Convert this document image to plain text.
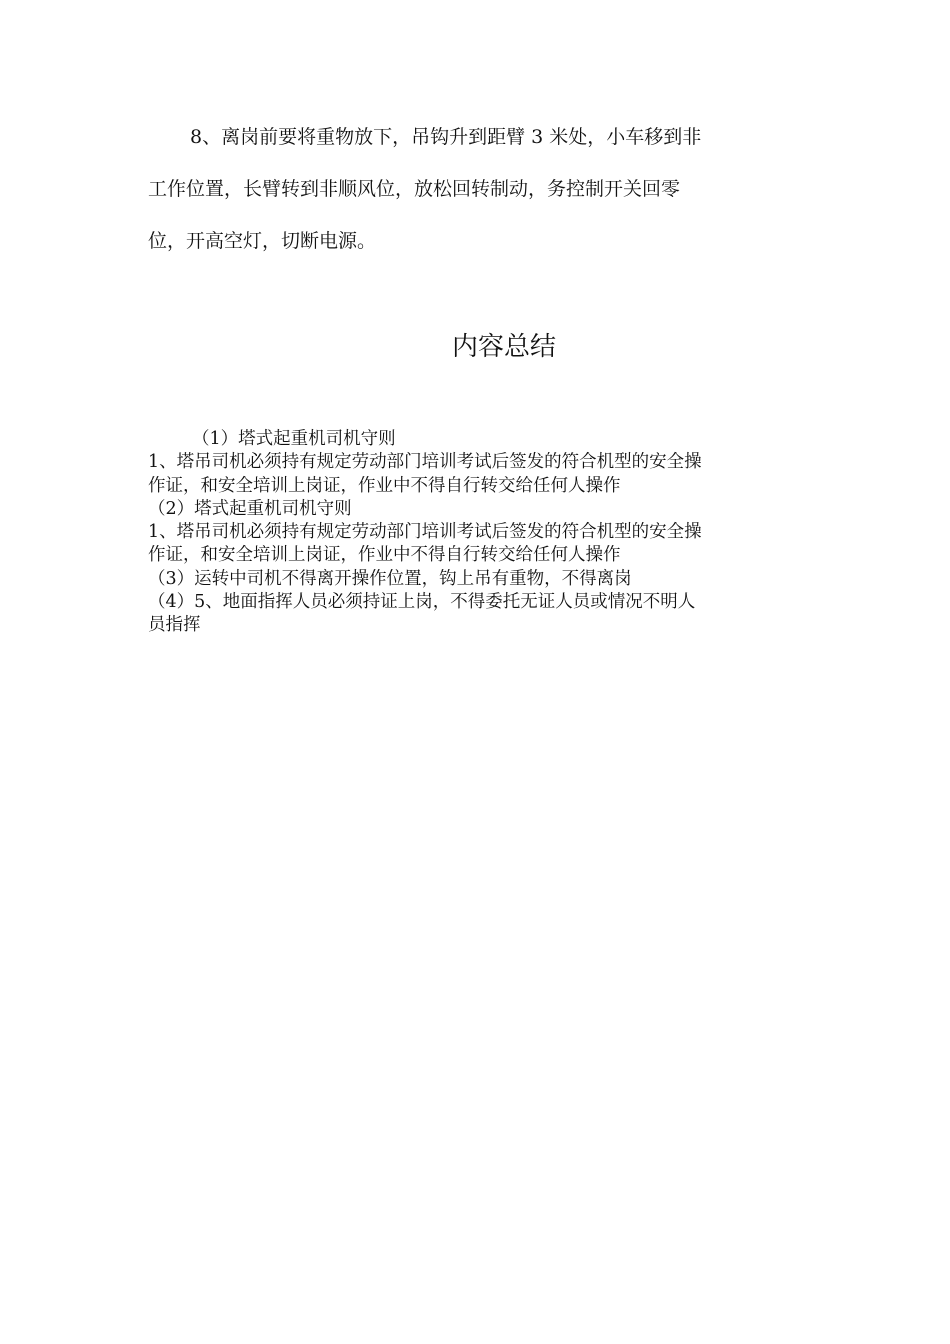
8、离岗前要将重物放下，吊钩升到距臂 3 米处，小车移到非
工作位置，长臂转到非顺风位，放松回转制动，务控制开关回零
位，开高空灯，切断电源。
内容总结
（1）塔式起重机司机守则
1、塔吊司机必须持有规定劳动部门培训考试后签发的符合机型的安全操
作证，和安全培训上岗证，作业中不得自行转交给任何人操作
（2）塔式起重机司机守则
1、塔吊司机必须持有规定劳动部门培训考试后签发的符合机型的安全操
作证，和安全培训上岗证，作业中不得自行转交给任何人操作
（3）运转中司机不得离开操作位置，钩上吊有重物，不得离岗
（4）5、地面指挥人员必须持证上岗，不得委托无证人员或情况不明人
员指挥
